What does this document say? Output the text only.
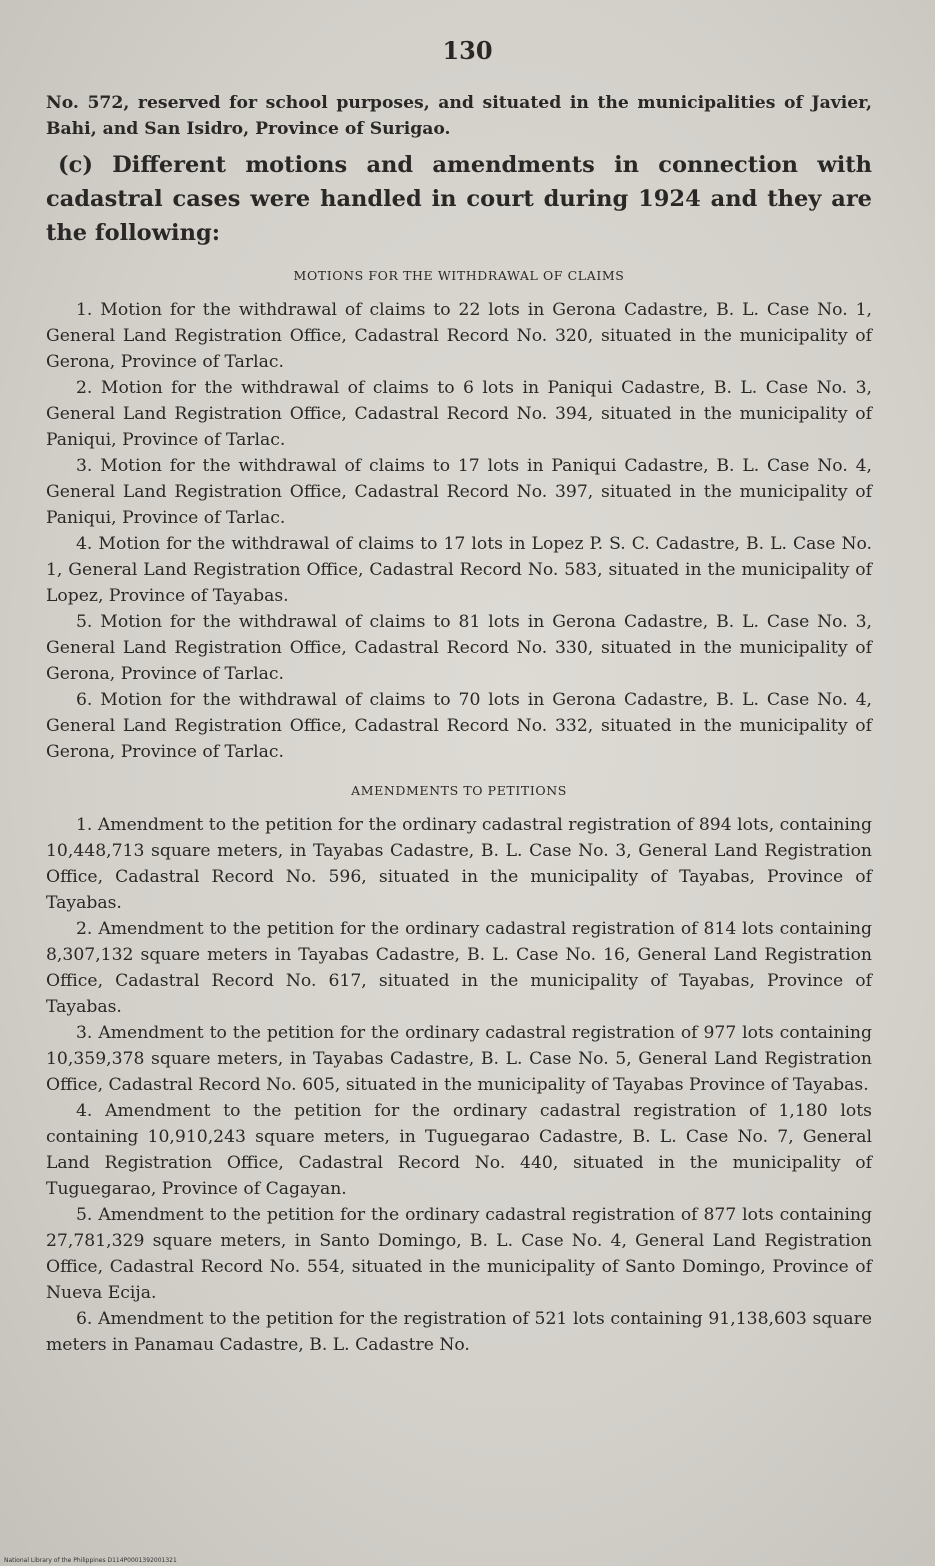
130

No. 572, reserved for school purposes, and situated in the municipalities of Javier, Bahi, and San Isidro, Province of Surigao.

(c) Different motions and amendments in connection with cadastral cases were handled in court during 1924 and they are the following:

MOTIONS FOR THE WITHDRAWAL OF CLAIMS

1. Motion for the withdrawal of claims to 22 lots in Gerona Cadastre, B. L. Case No. 1, General Land Registration Office, Cadastral Record No. 320, situated in the municipality of Gerona, Province of Tarlac.

2. Motion for the withdrawal of claims to 6 lots in Paniqui Cadastre, B. L. Case No. 3, General Land Registration Office, Cadastral Record No. 394, situated in the municipality of Paniqui, Province of Tarlac.

3. Motion for the withdrawal of claims to 17 lots in Paniqui Cadastre, B. L. Case No. 4, General Land Registration Office, Cadastral Record No. 397, situated in the municipality of Paniqui, Province of Tarlac.

4. Motion for the withdrawal of claims to 17 lots in Lopez P. S. C. Cadastre, B. L. Case No. 1, General Land Registration Office, Cadastral Record No. 583, situated in the municipality of Lopez, Province of Tayabas.

5. Motion for the withdrawal of claims to 81 lots in Gerona Cadastre, B. L. Case No. 3, General Land Registration Office, Cadastral Record No. 330, situated in the municipality of Gerona, Province of Tarlac.

6. Motion for the withdrawal of claims to 70 lots in Gerona Cadastre, B. L. Case No. 4, General Land Registration Office, Cadastral Record No. 332, situated in the municipality of Gerona, Province of Tarlac.

AMENDMENTS TO PETITIONS

1. Amendment to the petition for the ordinary cadastral registration of 894 lots, containing 10,448,713 square meters, in Tayabas Cadastre, B. L. Case No. 3, General Land Registration Office, Cadastral Record No. 596, situated in the municipality of Tayabas, Province of Tayabas.

2. Amendment to the petition for the ordinary cadastral registration of 814 lots containing 8,307,132 square meters in Tayabas Cadastre, B. L. Case No. 16, General Land Registration Office, Cadastral Record No. 617, situated in the municipality of Tayabas, Province of Tayabas.

3. Amendment to the petition for the ordinary cadastral registration of 977 lots containing 10,359,378 square meters, in Tayabas Cadastre, B. L. Case No. 5, General Land Registration Office, Cadastral Record No. 605, situated in the municipality of Tayabas Province of Tayabas.

4. Amendment to the petition for the ordinary cadastral registration of 1,180 lots containing 10,910,243 square meters, in Tuguegarao Cadastre, B. L. Case No. 7, General Land Registration Office, Cadastral Record No. 440, situated in the municipality of Tuguegarao, Province of Cagayan.

5. Amendment to the petition for the ordinary cadastral registration of 877 lots containing 27,781,329 square meters, in Santo Domingo, B. L. Case No. 4, General Land Registration Office, Cadastral Record No. 554, situated in the municipality of Santo Domingo, Province of Nueva Ecija.

6. Amendment to the petition for the registration of 521 lots containing 91,138,603 square meters in Panamau Cadastre, B. L. Cadastre No.

National Library of the Philippines D114P0001392001321
